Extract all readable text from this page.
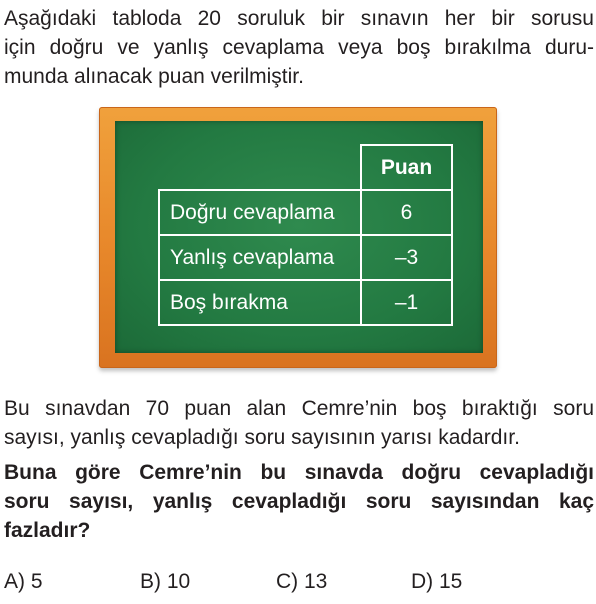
Aşağıdaki tabloda 20 soruluk bir sınavın her bir sorusu
için doğru ve yanlış cevaplama veya boş bırakılma duru-
munda alınacak puan verilmiştir.
	Puan
Doğru cevaplama	6
Yanlış cevaplama	–3
Boş bırakma	–1
Bu sınavdan 70 puan alan Cemre’nin boş bıraktığı soru
sayısı, yanlış cevapladığı soru sayısının yarısı kadardır.
Buna göre Cemre’nin bu sınavda doğru cevapladığı
soru sayısı, yanlış cevapladığı soru sayısından kaç
fazladır?
A) 5	B) 10	C) 13	D) 15
